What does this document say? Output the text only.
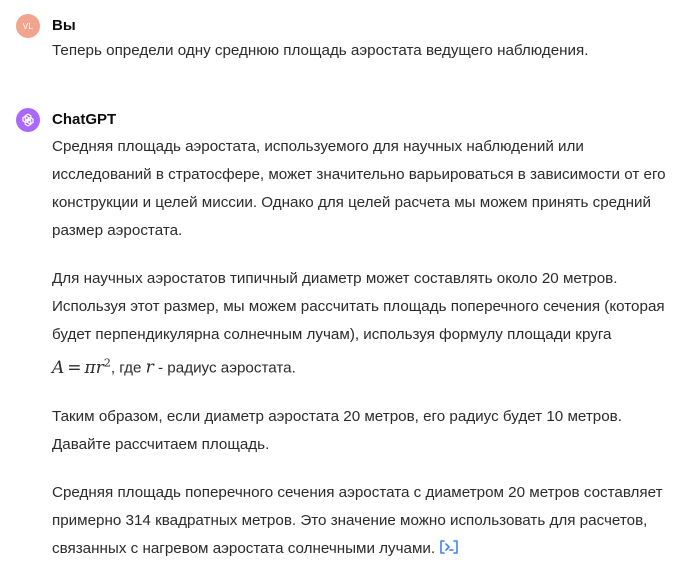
VL Вы
Теперь определи одну среднюю площадь аэростата ведущего наблюдения.
ChatGPT

Средняя площадь аэростата, используемого для научных наблюдений или исследований в стратосфере, может значительно варьироваться в зависимости от его конструкции и целей миссии. Однако для целей расчета мы можем принять средний размер аэростата.

Для научных аэростатов типичный диаметр может составлять около 20 метров. Используя этот размер, мы можем рассчитать площадь поперечного сечения (которая будет перпендикулярна солнечным лучам), используя формулу площади круга $A = \pi r^2$, где r - радиус аэростата.

Таким образом, если диаметр аэростата 20 метров, его радиус будет 10 метров. Давайте рассчитаем площадь.

Средняя площадь поперечного сечения аэростата с диаметром 20 метров составляет примерно 314 квадратных метров. Это значение можно использовать для расчетов, связанных с нагревом аэростата солнечными лучами.
